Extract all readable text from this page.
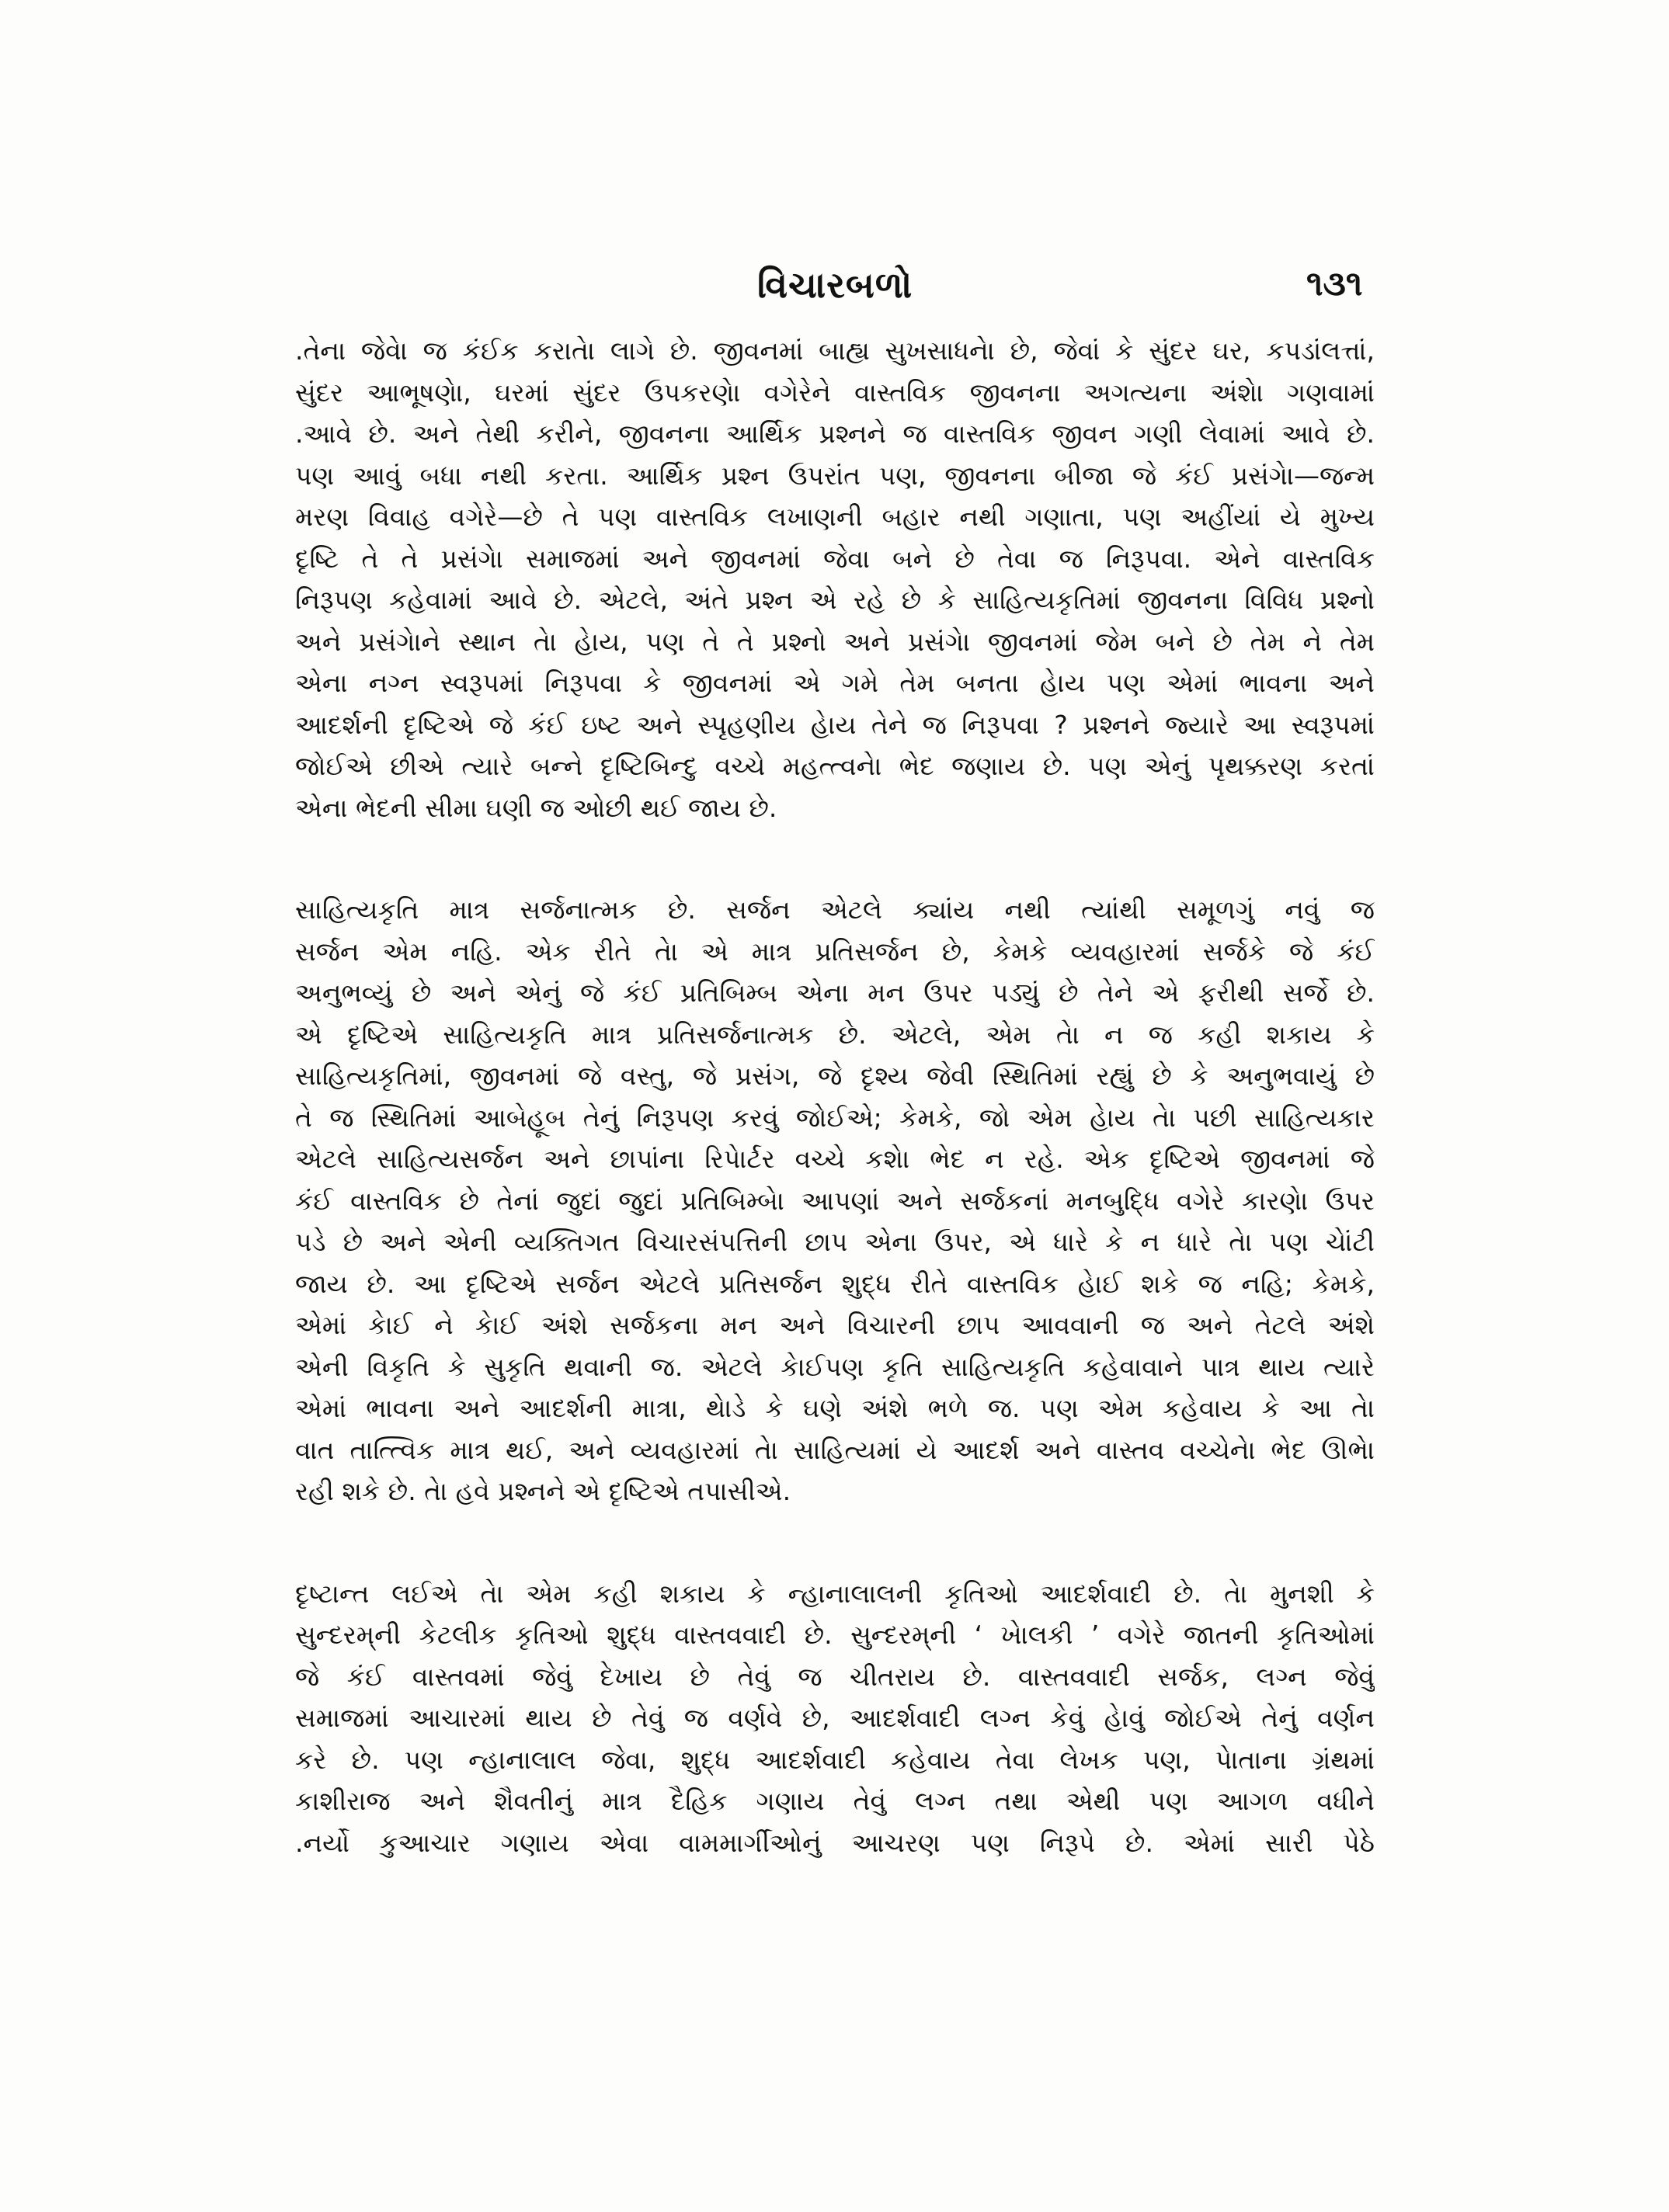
વિચારબળો	૧૩૧
.તેના જેવેા જ કંઈક કરાતેા લાગે છે. જીવનમાં બાહ્ય સુખસાધનેા છે, જેવાં કે સુંદર ઘર, કપડાંલત્તાં,
સુંદર આભૂષણેા, ઘરમાં સુંદર ઉપકરણેા વગેરેને વાસ્તવિક જીવનના અગત્યના અંશેા ગણવામાં
.આવે છે. અને તેથી કરીને, જીવનના આર્થિક પ્રશ્નને જ વાસ્તવિક જીવન ગણી લેવામાં આવે છે.
પણ આવું બધા નથી કરતા. આર્થિક પ્રશ્ન ઉપરાંત પણ, જીવનના બીજા જે કંઈ પ્રસંગેા—જન્મ
મરણ વિવાહ વગેરે—છે તે પણ વાસ્તવિક લખાણની બહાર નથી ગણાતા, પણ અહીંયાં યે મુખ્ય
દૃષ્ટિ તે તે પ્રસંગેા સમાજમાં અને જીવનમાં જેવા બને છે તેવા જ નિરૂપવા. એને વાસ્તવિક
નિરૂપણ કહેવામાં આવે છે. એટલે, અંતે પ્રશ્ન એ રહે છે કે સાહિત્યકૃતિમાં જીવનના વિવિધ પ્રશ્નો
અને પ્રસંગેાને સ્થાન તેા હેાય, પણ તે તે પ્રશ્નો અને પ્રસંગેા જીવનમાં જેમ બને છે તેમ ને તેમ
એના નગ્ન સ્વરૂપમાં નિરૂપવા કે જીવનમાં એ ગમે તેમ બનતા હેાય પણ એમાં ભાવના અને
આદર્શની દૃષ્ટિએ જે કંઈ ઇષ્ટ અને સ્પૃહણીય હેાય તેને જ નિરૂપવા ? પ્રશ્નને જ્યારે આ સ્વરૂપમાં
જોઈએ છીએ ત્યારે બન્ને દૃષ્ટિબિન્દુ વચ્ચે મહત્ત્વનેા ભેદ જણાય છે. પણ એનું પૃથક્કરણ કરતાં
એના ભેદની સીમા ઘણી જ ઓછી થઈ જાય છે.
સાહિત્યકૃતિ માત્ર સર્જનાત્મક છે. સર્જન એટલે ક્યાંય નથી ત્યાંથી સમૂળગું નવું જ
સર્જન એમ નહિ. એક રીતે તેા એ માત્ર પ્રતિસર્જન છે, કેમકે વ્યવહારમાં સર્જકે જે કંઈ
અનુભવ્યું છે અને એનું જે કંઈ પ્રતિબિમ્બ એના મન ઉપર પડ્યું છે તેને એ ફરીથી સર્જે છે.
એ દૃષ્ટિએ સાહિત્યકૃતિ માત્ર પ્રતિસર્જનાત્મક છે. એટલે, એમ તેા ન જ કહી શકાય કે
સાહિત્યકૃતિમાં, જીવનમાં જે વસ્તુ, જે પ્રસંગ, જે દૃશ્ય જેવી સ્થિતિમાં રહ્યું છે કે અનુભવાયું છે
તે જ સ્થિતિમાં આબેહૂબ તેનું નિરૂપણ કરવું જોઈએ; કેમકે, જો એમ હેાય તેા પછી સાહિત્યકાર
એટલે સાહિત્યસર્જન અને છાપાંના રિપેાર્ટર વચ્ચે કશેા ભેદ ન રહે. એક દૃષ્ટિએ જીવનમાં જે
કંઈ વાસ્તવિક છે તેનાં જુદાં જુદાં પ્રતિબિમ્બેા આપણાં અને સર્જકનાં મનબુદ્ધિ વગેરે કારણેા ઉપર
પડે છે અને એની વ્યક્તિગત વિચારસંપત્તિની છાપ એના ઉપર, એ ધારે કે ન ધારે તેા પણ ચેાંટી
જાય છે. આ દૃષ્ટિએ સર્જન એટલે પ્રતિસર્જન શુદ્ધ રીતે વાસ્તવિક હેાઈ શકે જ નહિ; કેમકે,
એમાં કેાઈ ને કેાઈ અંશે સર્જકના મન અને વિચારની છાપ આવવાની જ અને તેટલે અંશે
એની વિકૃતિ કે સુકૃતિ થવાની જ. એટલે કેાઈપણ કૃતિ સાહિત્યકૃતિ કહેવાવાને પાત્ર થાય ત્યારે
એમાં ભાવના અને આદર્શની માત્રા, થેાડે કે ઘણે અંશે ભળે જ. પણ એમ કહેવાય કે આ તેા
વાત તાત્ત્વિક માત્ર થઈ, અને વ્યવહારમાં તેા સાહિત્યમાં યે આદર્શ અને વાસ્તવ વચ્ચેનેા ભેદ ઊભેા
રહી શકે છે. તેા હવે પ્રશ્નને એ દૃષ્ટિએ તપાસીએ.
દૃષ્ટાન્ત લઈએ તેા એમ કહી શકાય કે ન્હાનાલાલની કૃતિઓ આદર્શવાદી છે. તેા મુનશી કે
સુન્દરમ્‌ની કેટલીક કૃતિઓ શુદ્ધ વાસ્તવવાદી છે. સુન્દરમ્‌ની ‘ ખેાલકી ’ વગેરે જાતની કૃતિઓમાં
જે કંઈ વાસ્તવમાં જેવું દેખાય છે તેવું જ ચીતરાય છે. વાસ્તવવાદી સર્જક, લગ્ન જેવું
સમાજમાં આચારમાં થાય છે તેવું જ વર્ણવે છે, આદર્શવાદી લગ્ન કેવું હેાવું જોઈએ તેનું વર્ણન
કરે છે. પણ ન્હાનાલાલ જેવા, શુદ્ધ આદર્શવાદી કહેવાય તેવા લેખક પણ, પેાતાના ગ્રંથમાં
કાશીરાજ અને શૈવતીનું માત્ર દૈહિક ગણાય તેવું લગ્ન તથા એથી પણ આગળ વધીને
.નર્યો કુઆચાર ગણાય એવા વામમાર્ગીઓનું આચરણ પણ નિરૂપે છે. એમાં સારી પેઠે
